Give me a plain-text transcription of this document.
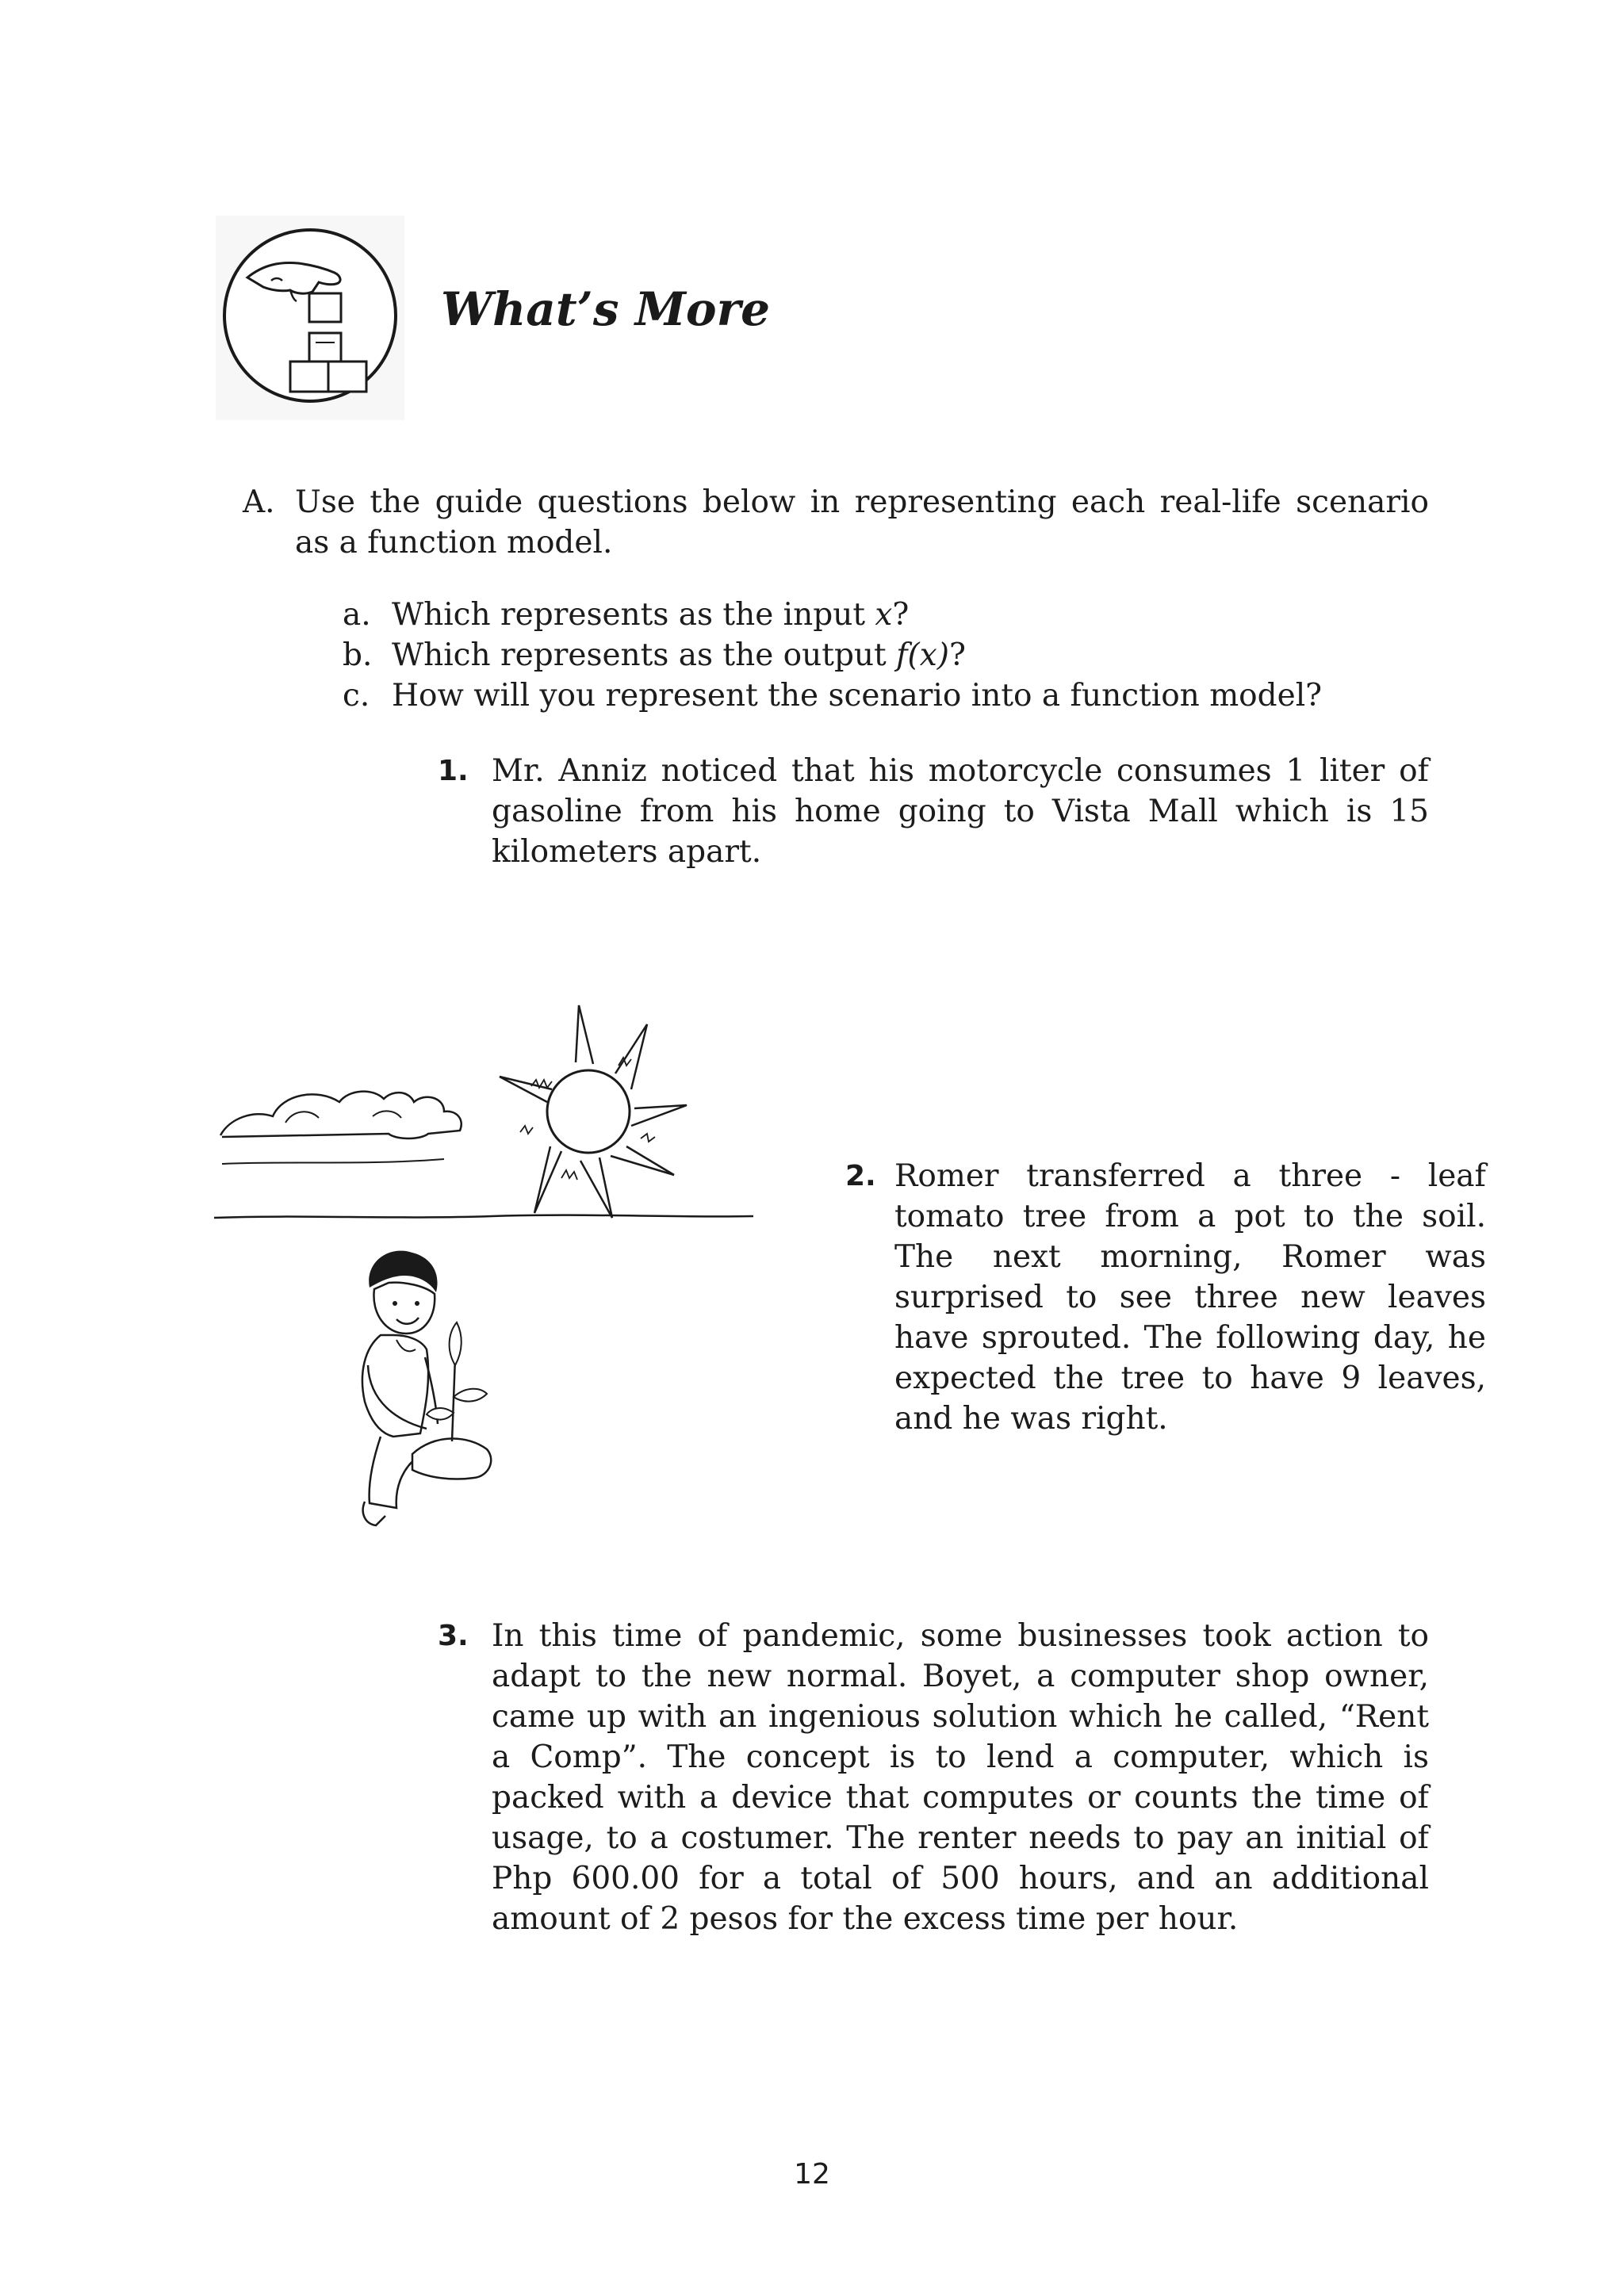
What’s More
A. Use the guide questions below in representing each real-life scenario as a function model.
a. Which represents as the input x ?
b. Which represents as the output f(x) ?
c. How will you represent the scenario into a function model?
1. Mr. Anniz noticed that his motorcycle consumes 1 liter of gasoline from his home going to Vista Mall which is 15 kilometers apart.
2. Romer transferred a three - leaf tomato tree from a pot to the soil. The next morning, Romer was surprised to see three new leaves have sprouted. The following day, he expected the tree to have 9 leaves, and he was right.
3. In this time of pandemic, some businesses took action to adapt to the new normal. Boyet, a computer shop owner, came up with an ingenious solution which he called, “Rent a Comp”. The concept is to lend a computer, which is packed with a device that computes or counts the time of usage, to a costumer. The renter needs to pay an initial of Php 600.00 for a total of 500 hours, and an additional amount of 2 pesos for the excess time per hour.
12
